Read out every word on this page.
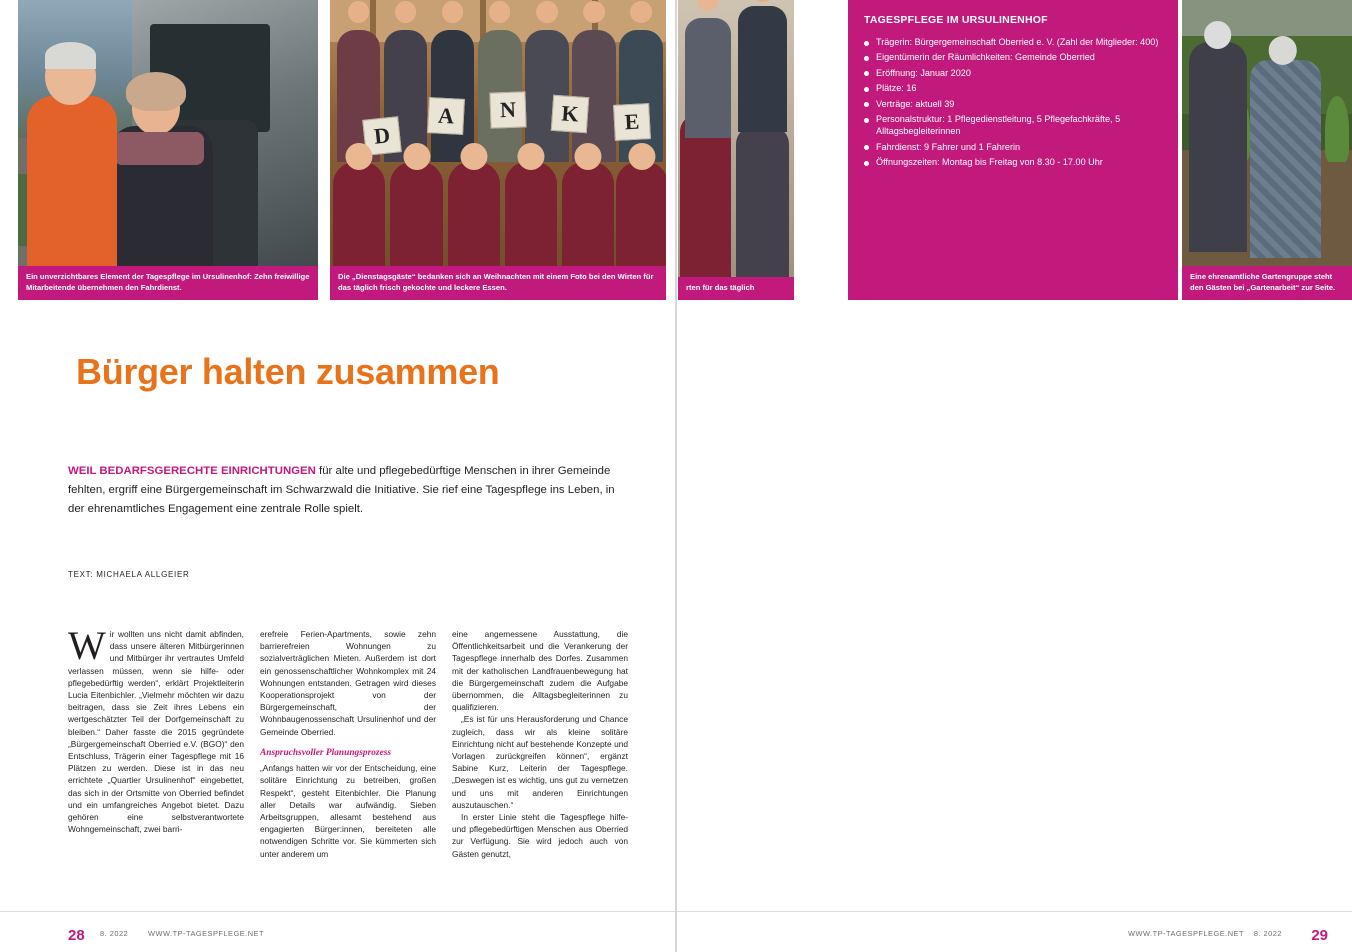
Ein unverzichtbares Element der Tagespflege im Ursulinenhof: Zehn freiwillige Mitarbeitende übernehmen den Fahrdienst.
D
A	N	K	E
Die „Dienstagsgäste“ bedanken sich an Weihnachten mit einem Foto bei den Wirten für das täglich frisch gekochte und leckere Essen.
Bürger halten zusammen
WEIL BEDARFSGERECHTE EINRICHTUNGEN für alte und pflegebedürftige Menschen in ihrer Gemeinde fehlten, ergriff eine Bürgergemeinschaft im Schwarzwald die Initiative. Sie rief eine Tagespflege ins Leben, in der ehrenamtliches Engagement eine zentrale Rolle spielt.
TEXT: MICHAELA ALLGEIER

Wir wollten uns nicht damit abfinden, dass unsere älteren Mitbürgerinnen und Mitbürger ihr vertrautes Umfeld verlassen müssen, wenn sie hilfe- oder pflegebedürftig werden“, erklärt Projektleiterin Lucia Eitenbichler. „Vielmehr möchten wir dazu beitragen, dass sie Zeit ihres Lebens ein wertgeschätzter Teil der Dorfgemeinschaft zu bleiben.“ Daher fasste die 2015 gegründete „Bürgergemeinschaft Oberried e.V. (BGO)“ den Entschluss, Trägerin einer Tagespflege mit 16 Plätzen zu werden. Diese ist in das neu errichtete „Quartier Ursulinenhof“ eingebettet, das sich in der Ortsmitte von Oberried befindet und ein umfangreiches Angebot bietet. Dazu gehören eine selbstverantwortete Wohngemeinschaft, zwei barri-

erefreie Ferien-Apartments, sowie zehn barrierefreien Wohnungen zu sozialverträglichen Mieten. Außerdem ist dort ein genossenschaftlicher Wohnkomplex mit 24 Wohnungen entstanden. Getragen wird dieses Kooperationsprojekt von der Bürgergemeinschaft, der Wohnbaugenossenschaft Ursulinenhof und der Gemeinde Oberried.

Anspruchsvoller Planungsprozess

„Anfangs hatten wir vor der Entscheidung, eine solitäre Einrichtung zu betreiben, großen Respekt“, gesteht Eitenbichler. Die Planung aller Details war aufwändig. Sieben Arbeitsgruppen, allesamt bestehend aus engagierten Bürger:innen, bereiteten alle notwendigen Schritte vor. Sie kümmerten sich unter anderem um

eine angemessene Ausstattung, die Öffentlichkeitsarbeit und die Verankerung der Tagespflege innerhalb des Dorfes. Zusammen mit der katholischen Landfrauenbewegung hat die Bürgergemeinschaft zudem die Aufgabe übernommen, die Alltagsbegleiterinnen zu qualifizieren.

„Es ist für uns Herausforderung und Chance zugleich, dass wir als kleine solitäre Einrichtung nicht auf bestehende Konzepte und Vorlagen zurückgreifen können“, ergänzt Sabine Kurz, Leiterin der Tagespflege. „Deswegen ist es wichtig, uns gut zu vernetzen und uns mit anderen Einrichtungen auszutauschen.“

In erster Linie steht die Tagespflege hilfe- und pflegebedürftigen Menschen aus Oberried zur Verfügung. Sie wird jedoch auch von Gästen genutzt,

28 8. 2022	WWW.TP-TAGESPFLEGE.NET
rten für das täglich
TAGESPFLEGE IM URSULINENHOF
Trägerin: Bürgergemeinschaft Oberried e. V. (Zahl der Mitglieder: 400)
Eigentümerin der Räumlichkeiten: Gemeinde Oberried
Eröffnung: Januar 2020
Plätze: 16
Verträge: aktuell 39
Personalstruktur: 1 Pflegedienstleitung, 5 Pflegefachkräfte, 5 Alltagsbegleiterinnen
Fahrdienst: 9 Fahrer und 1 Fahrerin
Öffnungszeiten: Montag bis Freitag von 8.30 - 17.00 Uhr
Eine ehrenamtliche Gartengruppe steht den Gästen bei „Gartenarbeit“ zur Seite.

WWW.TP-TAGESPFLEGE.NET 8. 2022 29
